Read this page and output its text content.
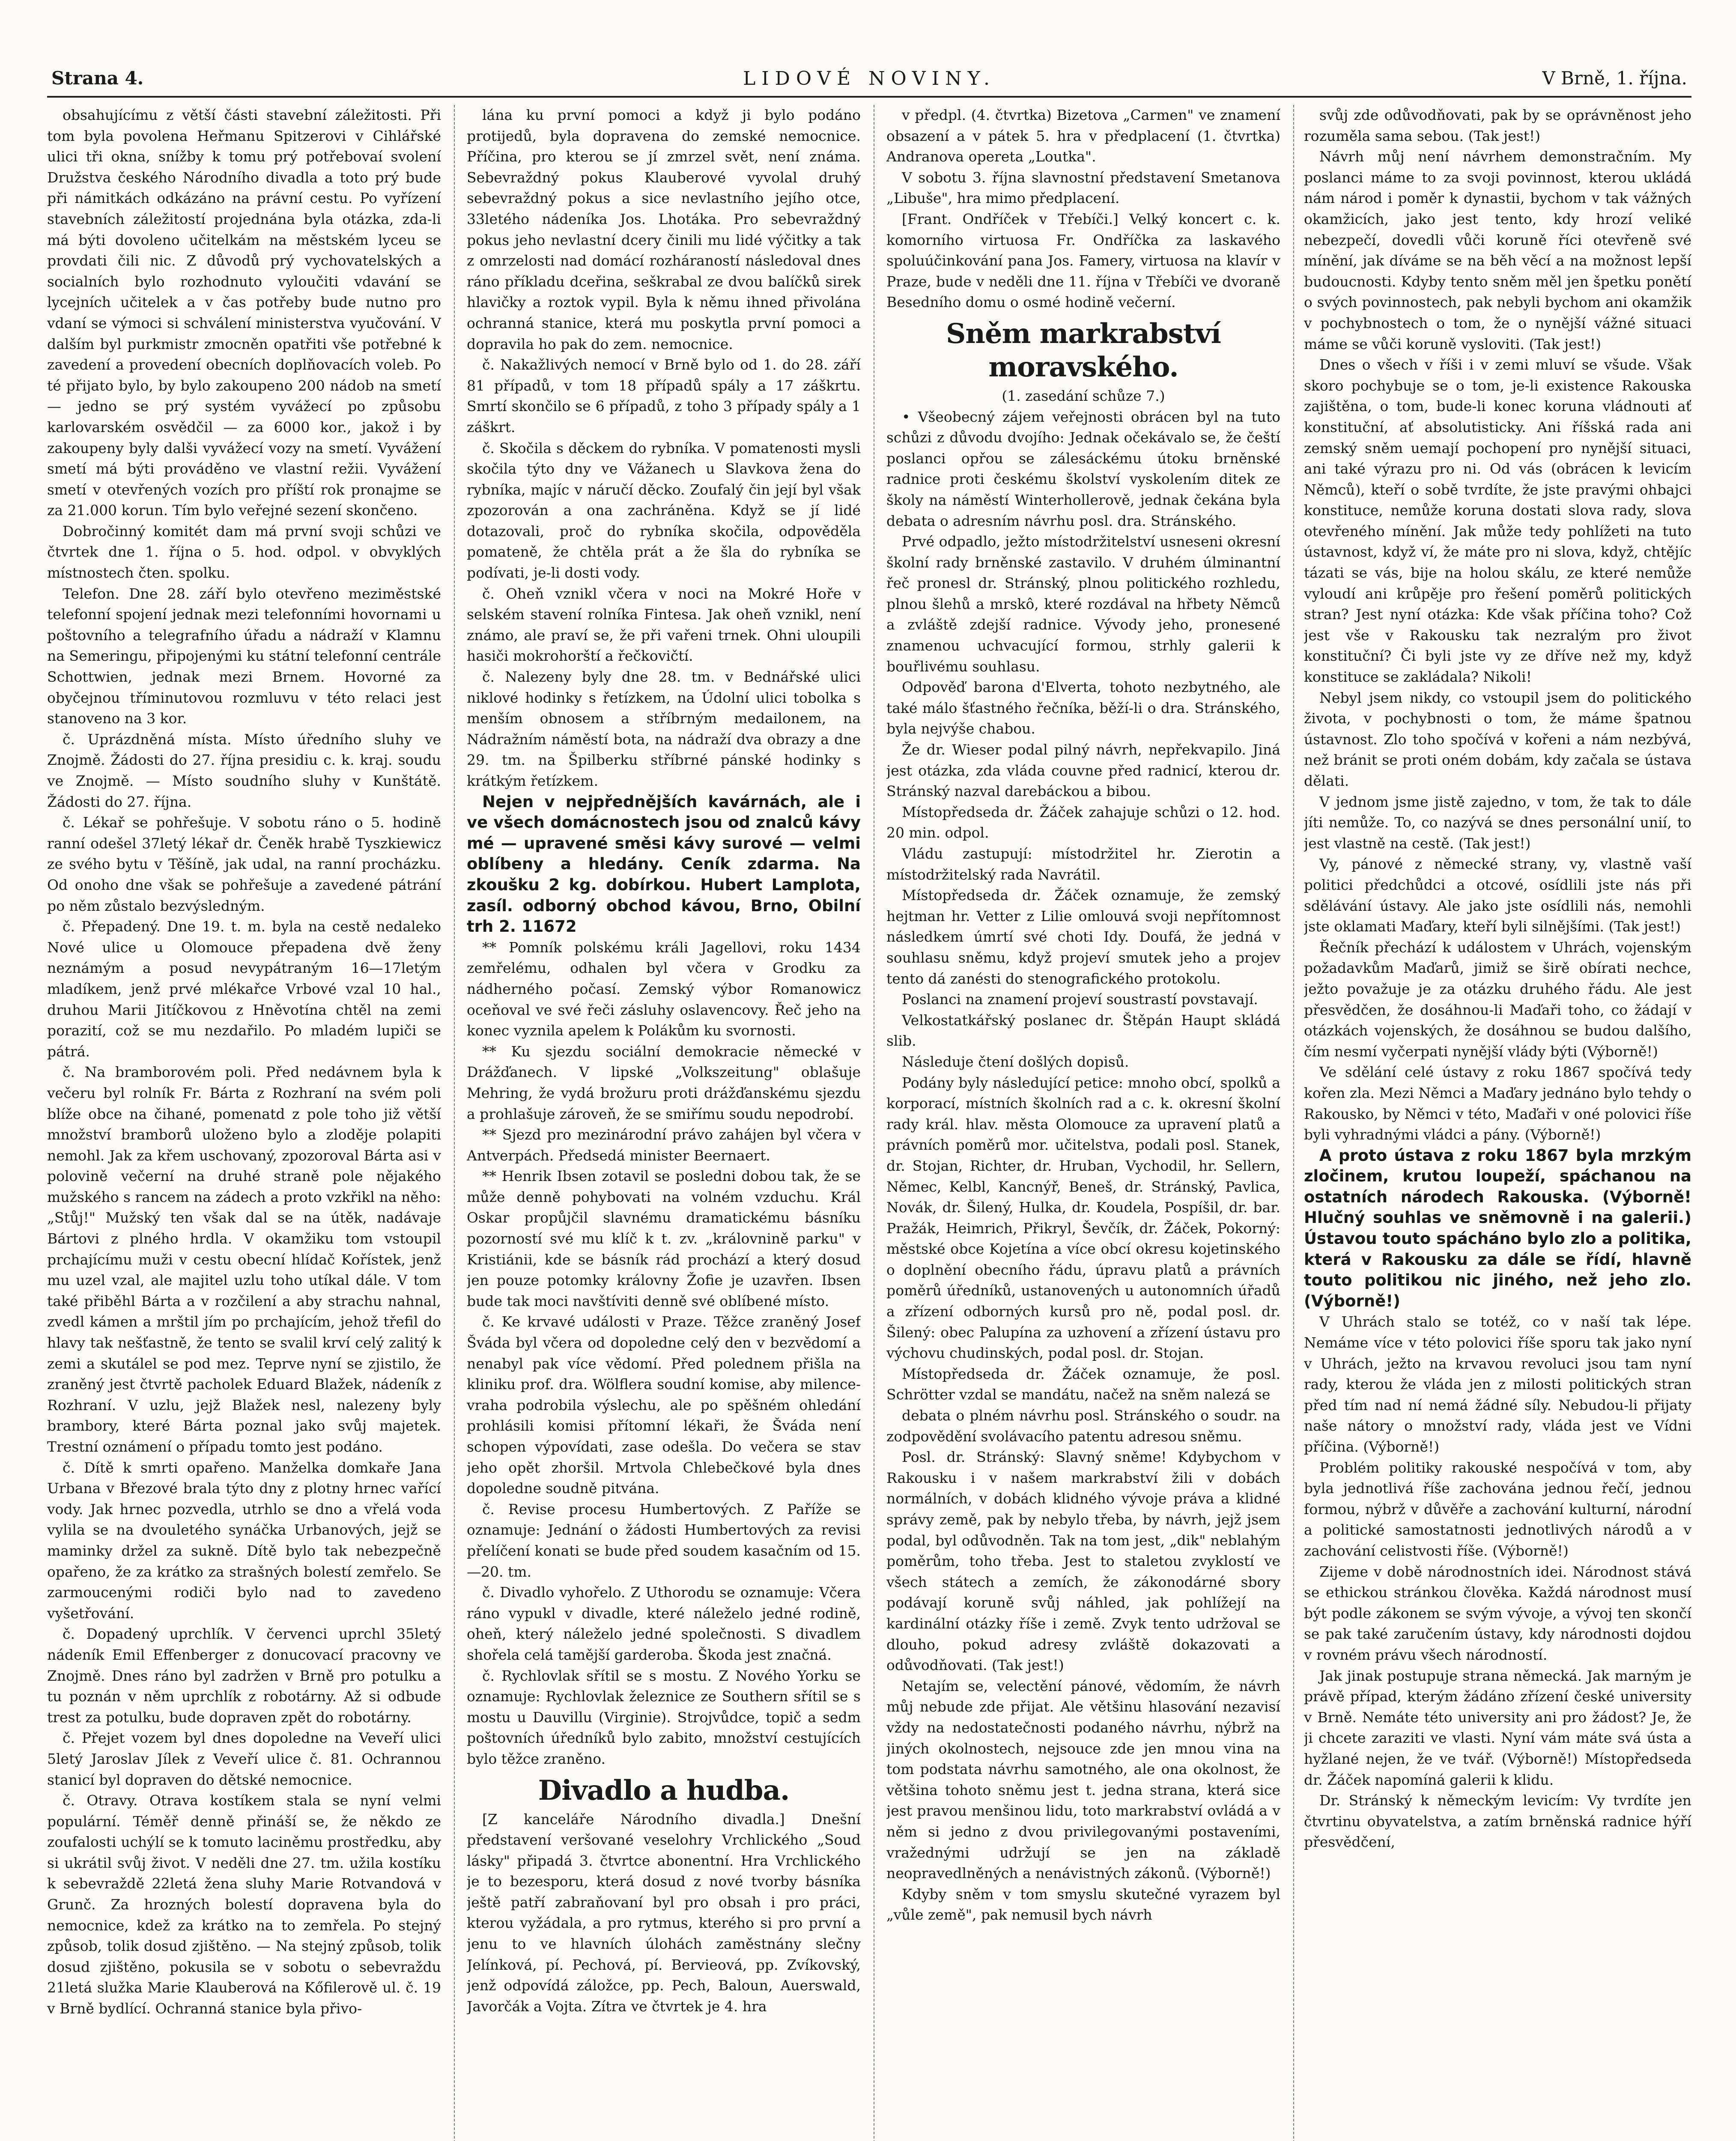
Strana 4.	LIDOVÉ NOVINY.	V Brně, 1. října.

obsahujícímu z větší části stavební záležitosti. Při tom byla povolena Heřmanu Spitzerovi v Cihlářské ulici tři okna, snížby k tomu prý potřebovaí svolení Družstva českého Národního divadla a toto prý bude při námitkách odkázáno na právní cestu. Po vyřízení stavebních záležitostí projednána byla otázka, zda-li má býti dovoleno učitelkám na městském lyceu se provdati čili nic. Z důvodů prý vychovatelských a socialních bylo rozhodnuto vyloučiti vdavání se lycejních učitelek a v čas potřeby bude nutno pro vdaní se výmoci si schválení ministerstva vyučování. V dalším byl purkmistr zmocněn opatřiti vše potřebné k zavedení a provedení obecních doplňovacích voleb. Po té přijato bylo, by bylo zakoupeno 200 nádob na smetí — jedno se prý systém vyvážecí po způsobu karlovarském osvědčil — za 6000 kor., jakož i by zakoupeny byly dalši vyvážecí vozy na smetí. Vyvážení smetí má býti prováděno ve vlastní režii. Vyvážení smetí v otevřených vozích pro příští rok pronajme se za 21.000 korun. Tím bylo veřejné sezení skončeno.

Dobročinný komitét dam má první svoji schůzi ve čtvrtek dne 1. října o 5. hod. odpol. v obvyklých místnostech čten. spolku.

Telefon. Dne 28. září bylo otevřeno meziměstské telefonní spojení jednak mezi telefonními hovornami u poštovního a telegrafního úřadu a nádraží v Klamnu na Semeringu, připojenými ku státní telefonní centrále Schottwien, jednak mezi Brnem. Hovorné za obyčejnou tříminutovou rozmluvu v této relaci jest stanoveno na 3 kor.

č. Uprázdněná místa. Místo úředního sluhy ve Znojmě. Žádosti do 27. října presidiu c. k. kraj. soudu ve Znojmě. — Místo soudního sluhy v Kunštátě. Žádosti do 27. října.

č. Lékař se pohřešuje. V sobotu ráno o 5. hodině ranní odešel 37letý lékař dr. Čeněk hrabě Tyszkiewicz ze svého bytu v Těšíně, jak udal, na ranní procházku. Od onoho dne však se pohřešuje a zavedené pátrání po něm zůstalo bezvýsledným.

č. Přepadený. Dne 19. t. m. byla na cestě nedaleko Nové ulice u Olomouce přepadena dvě ženy neznámým a posud nevypátraným 16—17letým mladíkem, jenž prvé mlékařce Vrbové vzal 10 hal., druhou Marii Jitíčkovou z Hněvotína chtěl na zemi porazití, což se mu nezdařilo. Po mladém lupiči se pátrá.

č. Na bramborovém poli. Před nedávnem byla k večeru byl rolník Fr. Bárta z Rozhraní na svém poli blíže obce na čihané, pomenatd z pole toho již větší množství bramborů uloženo bylo a zloděje polapiti nemohl. Jak za křem uschovaný, zpozoroval Bárta asi v polovině večerní na druhé straně pole nějakého mužského s rancem na zádech a proto vzkřikl na něho: „Stůj!" Mužský ten však dal se na útěk, nadávaje Bártovi z plného hrdla. V okamžiku tom vstoupil prchajícímu muži v cestu obecní hlídač Kořístek, jenž mu uzel vzal, ale majitel uzlu toho utíkal dále. V tom také přiběhl Bárta a v rozčilení a aby strachu nahnal, zvedl kámen a mrštil jím po prchajícím, jehož třefil do hlavy tak nešťastně, že tento se svalil krví celý zalitý k zemi a skutálel se pod mez. Teprve nyní se zjistilo, že zraněný jest čtvrtě pacholek Eduard Blažek, nádeník z Rozhraní. V uzlu, jejž Blažek nesl, nalezeny byly brambory, které Bárta poznal jako svůj majetek. Trestní oznámení o případu tomto jest podáno.

č. Dítě k smrti opařeno. Manželka domkaře Jana Urbana v Březové brala týto dny z plotny hrnec vařící vody. Jak hrnec pozvedla, utrhlo se dno a vřelá voda vylila se na dvouletého synáčka Urbanových, jejž se maminky držel za sukně. Dítě bylo tak nebezpečně opařeno, že za krátko za strašných bolestí zemřelo. Se zarmoucenými rodiči bylo nad to zavedeno vyšetřování.

č. Dopadený uprchlík. V červenci uprchl 35letý nádeník Emil Effenberger z donucovací pracovny ve Znojmě. Dnes ráno byl zadržen v Brně pro potulku a tu poznán v něm uprchlík z robotárny. Až si odbude trest za potulku, bude dopraven zpět do robotárny.

č. Přejet vozem byl dnes dopoledne na Veveří ulici 5letý Jaroslav Jílek z Veveří ulice č. 81. Ochrannou stanicí byl dopraven do dětské nemocnice.

č. Otravy. Otrava kostíkem stala se nyní velmi populární. Téměř denně přináší se, že někdo ze zoufalosti uchýlí se k tomuto laciněmu prostředku, aby si ukrátil svůj život. V neděli dne 27. tm. užila kostíku k sebevraždě 22letá žena sluhy Marie Rotvandová v Grunč. Za hrozných bolestí dopravena byla do nemocnice, kdež za krátko na to zemřela. Po stejný způsob, tolik dosud zjištěno. — Na stejný způsob, tolik dosud zjištěno, pokusila se v sobotu o sebevraždu 21letá služka Marie Klauberová na Kőfilerově ul. č. 19 v Brně bydlící. Ochranná stanice byla přivo-

lána ku první pomoci a když ji bylo podáno protijedů, byla dopravena do zemské nemocnice. Příčina, pro kterou se jí zmrzel svět, není známa. Sebevraždný pokus Klauberové vyvolal druhý sebevraždný pokus a sice nevlastního jejího otce, 33letého nádeníka Jos. Lhotáka. Pro sebevraždný pokus jeho nevlastní dcery činili mu lidé výčitky a tak z omrzelosti nad domácí rozháraností následoval dnes ráno příkladu dceřina, seškrabal ze dvou balíčků sirek hlavičky a roztok vypil. Byla k němu ihned přivolána ochranná stanice, která mu poskytla první pomoci a dopravila ho pak do zem. nemocnice.

č. Nakažlivých nemocí v Brně bylo od 1. do 28. září 81 případů, v tom 18 případů spály a 17 záškrtu. Smrtí skončilo se 6 případů, z toho 3 případy spály a 1 záškrt.

č. Skočila s děckem do rybníka. V pomatenosti mysli skočila týto dny ve Vážanech u Slavkova žena do rybníka, majíc v náručí děcko. Zoufalý čin její byl však zpozorován a ona zachráněna. Když se jí lidé dotazovali, proč do rybníka skočila, odpověděla pomateně, že chtěla prát a že šla do rybníka se podívati, je-li dosti vody.

č. Oheň vznikl včera v noci na Mokré Hoře v selském stavení rolníka Fintesa. Jak oheň vznikl, není známo, ale praví se, že při vařeni trnek. Ohni uloupili hasiči mokrohorští a řečkovičtí.

č. Nalezeny byly dne 28. tm. v Bednářské ulici niklové hodinky s řetízkem, na Údolní ulici tobolka s menším obnosem a stříbrným medailonem, na Nádražním náměstí bota, na nádraží dva obrazy a dne 29. tm. na Špilberku stříbrné pánské hodinky s krátkým řetízkem.

Nejen v nejpřednějších kavárnách, ale i ve všech domácnostech jsou od znalců kávy mé — upravené směsi kávy surové — velmi oblíbeny a hledány. Ceník zdarma. Na zkoušku 2 kg. dobírkou. Hubert Lamplota, zasíl. odborný obchod kávou, Brno, Obilní trh 2. 11672

** Pomník polskému králi Jagellovi, roku 1434 zemřelému, odhalen byl včera v Grodku za nádherného počasí. Zemský výbor Romanowicz oceňoval ve své řeči zásluhy oslavencovy. Řeč jeho na konec vyznila apelem k Polákům ku svornosti.

** Ku sjezdu sociální demokracie německé v Drážďanech. V lipské „Volkszeitung" oblašuje Mehring, že vydá brožuru proti drážďanskému sjezdu a prohlašuje zároveň, že se smiřímu soudu nepodrobí.

** Sjezd pro mezinárodní právo zahájen byl včera v Antverpách. Předsedá minister Beernaert.

** Henrik Ibsen zotavil se posledni dobou tak, že se může denně pohybovati na volném vzduchu. Král Oskar propůjčil slavnému dramatickému básníku pozorností své mu klíč k t. zv. „královnině parku" v Kristiánii, kde se básník rád prochází a který dosud jen pouze potomky královny Žofie je uzavřen. Ibsen bude tak moci navštíviti denně své oblíbené místo.

č. Ke krvavé události v Praze. Těžce zraněný Josef Šváda byl včera od dopoledne celý den v bezvědomí a nenabyl pak více vědomí. Před polednem přišla na kliniku prof. dra. Wölflera soudní komise, aby milence-vraha podrobila výslechu, ale po spěšném ohledání prohlásili komisi přítomní lékaři, že Šváda není schopen výpovídati, zase odešla. Do večera se stav jeho opět zhoršil. Mrtvola Chlebečkové byla dnes dopoledne soudně pitvána.

č. Revise procesu Humbertových. Z Paříže se oznamuje: Jednání o žádosti Humbertových za revisi přelíčení konati se bude před soudem kasačním od 15.—20. tm.

č. Divadlo vyhořelo. Z Uthorodu se oznamuje: Včera ráno vypukl v divadle, které náleželo jedné rodině, oheň, který náleželo jedné společnosti. S divadlem shořela celá tamější garderoba. Škoda jest značná.

č. Rychlovlak sřítil se s mostu. Z Nového Yorku se oznamuje: Rychlovlak železnice ze Southern sřítil se s mostu u Dauvillu (Virginie). Strojvůdce, topič a sedm poštovních úředníků bylo zabito, množství cestujících bylo těžce zraněno.

Divadlo a hudba.

[Z kanceláře Národního divadla.] Dnešní představení veršované veselohry Vrchlického „Soud lásky" připadá 3. čtvrtce abonentní. Hra Vrchlického je to bezesporu, která dosud z nové tvorby básníka ještě patří zabraňovaní byl pro obsah i pro práci, kterou vyžádala, a pro rytmus, kterého si pro první a jenu to ve hlavních úlohách zaměstnány slečny Jelínková, pí. Pechová, pí. Bervieová, pp. Zvíkovský, jenž odpovídá záložce, pp. Pech, Baloun, Auerswald, Javorčák a Vojta. Zítra ve čtvrtek je 4. hra

v předpl. (4. čtvrtka) Bizetova „Carmen" ve znamení obsazení a v pátek 5. hra v předplacení (1. čtvrtka) Andranova opereta „Loutka".

V sobotu 3. října slavnostní představení Smetanova „Libuše", hra mimo předplacení.

[Frant. Ondříček v Třebíči.] Velký koncert c. k. komorního virtuosa Fr. Ondříčka za laskavého spoluúčinkování pana Jos. Famery, virtuosa na klavír v Praze, bude v neděli dne 11. října v Třebíči ve dvoraně Besedního domu o osmé hodině večerní.

Sněm markrabství moravského.

(1. zasedání schůze 7.)

• Všeobecný zájem veřejnosti obrácen byl na tuto schůzi z důvodu dvojího: Jednak očekávalo se, že čeští poslanci opřou se zálesáckému útoku brněnské radnice proti českému školství vyskolením ditek ze školy na náměstí Winterhollerově, jednak čekána byla debata o adresním návrhu posl. dra. Stránského.

Prvé odpadlo, ježto místodržitelství usneseni okresní školní rady brněnské zastavilo. V druhém úlminantní řeč pronesl dr. Stránský, plnou politického rozhledu, plnou šlehů a mrskô, které rozdával na hřbety Němců a zvláště zdejší radnice. Vývody jeho, pronesené znamenou uchvacující formou, strhly galerii k bouřlivému souhlasu.

Odpověď barona d'Elverta, tohoto nezbytného, ale také málo šťastného řečníka, běží-li o dra. Stránského, byla nejvýše chabou.

Že dr. Wieser podal pilný návrh, nepřekvapilo. Jiná jest otázka, zda vláda couvne před radnicí, kterou dr. Stránský nazval darebáckou a bibou.

Místopředseda dr. Žáček zahajuje schůzi o 12. hod. 20 min. odpol.

Vládu zastupují: místodržitel hr. Zierotin a místodržitelský rada Navrátil.

Místopředseda dr. Žáček oznamuje, že zemský hejtman hr. Vetter z Lilie omlouvá svoji nepřítomnost následkem úmrtí své choti Idy. Doufá, že jedná v souhlasu sněmu, když projeví smutek jeho a projev tento dá zanésti do stenografického protokolu.

Poslanci na znamení projeví soustrastí povstavají.

Velkostatkářský poslanec dr. Štěpán Haupt skládá slib.

Následuje čtení došlých dopisů.

Podány byly následující petice: mnoho obcí, spolků a korporací, místních školních rad a c. k. okresní školní rady král. hlav. města Olomouce za upravení platů a právních poměrů mor. učitelstva, podali posl. Stanek, dr. Stojan, Richter, dr. Hruban, Vychodil, hr. Sellern, Němec, Kelbl, Kancnýř, Beneš, dr. Stránský, Pavlica, Novák, dr. Šilený, Hulka, dr. Koudela, Pospíšil, dr. bar. Pražák, Heimrich, Přikryl, Ševčík, dr. Žáček, Pokorný: městské obce Kojetína a více obcí okresu kojetinského o doplnění obecního řádu, úpravu platů a právních poměrů úředníků, ustanovených u autonomních úřadů a zřízení odborných kursů pro ně, podal posl. dr. Šilený: obec Palupína za uzhovení a zřízení ústavu pro výchovu chudinských, podal posl. dr. Stojan.

Místopředseda dr. Žáček oznamuje, že posl. Schrötter vzdal se mandátu, načež na sněm nalezá se

debata o plném návrhu posl. Stránského o soudr. na zodpovědění svolávacího patentu adresou sněmu.

Posl. dr. Stránský: Slavný sněme! Kdybychom v Rakousku i v našem markrabství žili v dobách normálních, v dobách klidného vývoje práva a klidné správy země, pak by nebylo třeba, by návrh, jejž jsem podal, byl odůvodněn. Tak na tom jest, „dik" neblahým poměrům, toho třeba. Jest to staletou zvyklostí ve všech státech a zemích, že zákonodárné sbory podávají koruně svůj náhled, jak pohlížejí na kardinální otázky říše i země. Zvyk tento udržoval se dlouho, pokud adresy zvláště dokazovati a odůvodňovati. (Tak jest!)

Netajím se, velectění pánové, vědomím, že návrh můj nebude zde přijat. Ale většinu hlasování nezavisí vždy na nedostatečnosti podaného návrhu, nýbrž na jiných okolnostech, nejsouce zde jen mnou vina na tom podstata návrhu samotného, ale ona okolnost, že většina tohoto sněmu jest t. jedna strana, která sice jest pravou menšinou lidu, toto markrabství ovládá a v něm si jedno z dvou privilegovanými postaveními, vražednými udržují se jen na základě neopravedlněných a nenávistných zákonů. (Výborně!)

Kdyby sněm v tom smyslu skutečné vyrazem byl „vůle země", pak nemusil bych návrh

svůj zde odůvodňovati, pak by se oprávněnost jeho rozuměla sama sebou. (Tak jest!)

Návrh můj není návrhem demonstračním. My poslanci máme to za svoji povinnost, kterou ukládá nám národ i poměr k dynastii, bychom v tak vážných okamžicích, jako jest tento, kdy hrozí veliké nebezpečí, dovedli vůči koruně říci otevřeně své mínění, jak díváme se na běh věcí a na možnost lepší budoucnosti. Kdyby tento sněm měl jen špetku ponětí o svých povinnostech, pak nebyli bychom ani okamžik v pochybnostech o tom, že o nynější vážné situaci máme se vůči koruně vysloviti. (Tak jest!)

Dnes o všech v říši i v zemi mluví se všude. Však skoro pochybuje se o tom, je-li existence Rakouska zajištěna, o tom, bude-li konec koruna vládnouti ať konstituční, ať absolutisticky. Ani říšská rada ani zemský sněm uemají pochopení pro nynější situaci, ani také výrazu pro ni. Od vás (obrácen k levicím Němců), kteří o sobě tvrdíte, že jste pravými ohbajci konstituce, nemůže koruna dostati slova rady, slova otevřeného mínění. Jak může tedy pohlížeti na tuto ústavnost, když ví, že máte pro ni slova, když, chtějíc tázati se vás, bije na holou skálu, ze které nemůže vyloudí ani krůpěje pro řešení poměrů politických stran? Jest nyní otázka: Kde však příčina toho? Což jest vše v Rakousku tak nezralým pro život konstituční? Či byli jste vy ze dříve než my, když konstituce se zakládala? Nikoli!

Nebyl jsem nikdy, co vstoupil jsem do politického života, v pochybnosti o tom, že máme špatnou ústavnost. Zlo toho spočívá v kořeni a nám nezbývá, než bránit se proti oném dobám, kdy začala se ústava dělati.

V jednom jsme jistě zajedno, v tom, že tak to dále jíti nemůže. To, co nazývá se dnes personální unií, to jest vlastně na cestě. (Tak jest!)

Vy, pánové z německé strany, vy, vlastně vaší politici předchůdci a otcové, osídlili jste nás při sdělávání ústavy. Ale jako jste osídlili nás, nemohli jste oklamati Maďary, kteří byli silnějšími. (Tak jest!)

Řečník přechází k událostem v Uhrách, vojenským požadavkům Maďarů, jimiž se širě obírati nechce, ježto považuje je za otázku druhého řádu. Ale jest přesvědčen, že dosáhnou-li Maďaři toho, co žádají v otázkách vojenských, že dosáhnou se budou dalšího, čím nesmí vyčerpati nynější vlády býti (Výborně!)

Ve sdělání celé ústavy z roku 1867 spočívá tedy kořen zla. Mezi Němci a Maďary jednáno bylo tehdy o Rakousko, by Němci v této, Maďaři v oné polovici říše byli vyhradnými vládci a pány. (Výborně!)

A proto ústava z roku 1867 byla mrzkým zločinem, krutou loupeží, spáchanou na ostatních národech Rakouska. (Výborně! Hlučný souhlas ve sněmovně i na galerii.) Ústavou touto spácháno bylo zlo a politika, která v Rakousku za dále se řídí, hlavně touto politikou nic jiného, než jeho zlo. (Výborně!)

V Uhrách stalo se totéž, co v naší tak lépe. Nemáme více v této polovici říše sporu tak jako nyní v Uhrách, ježto na krvavou revoluci jsou tam nyní rady, kterou že vláda jen z milosti politických stran před tím nad ní nemá žádné síly. Nebudou-li přijaty naše nátory o množství rady, vláda jest ve Vídni příčina. (Výborně!)

Problém politiky rakouské nespočívá v tom, aby byla jednotlivá říše zachována jednou řečí, jednou formou, nýbrž v důvěře a zachování kulturní, národní a politické samostatnosti jednotlivých národů a v zachování celistvosti říše. (Výborně!)

Zijeme v době národnostních idei. Národnost stává se ethickou stránkou člověka. Každá národnost musí být podle zákonem se svým vývoje, a vývoj ten skončí se pak také zaručením ústavy, kdy národnosti dojdou v rovném právu všech národností.

Jak jinak postupuje strana německá. Jak marným je právě případ, kterým žádáno zřízení české university v Brně. Nemáte této university ani pro žádost? Je, že ji chcete zaraziti ve vlasti. Nyní vám máte svá ústa a hyžlané nejen, že ve tvář. (Výborně!) Místopředseda dr. Žáček napomíná galerii k klidu.

Dr. Stránský k německým levicím: Vy tvrdíte jen čtvrtinu obyvatelstva, a zatím brněnská radnice hýří přesvědčení,
